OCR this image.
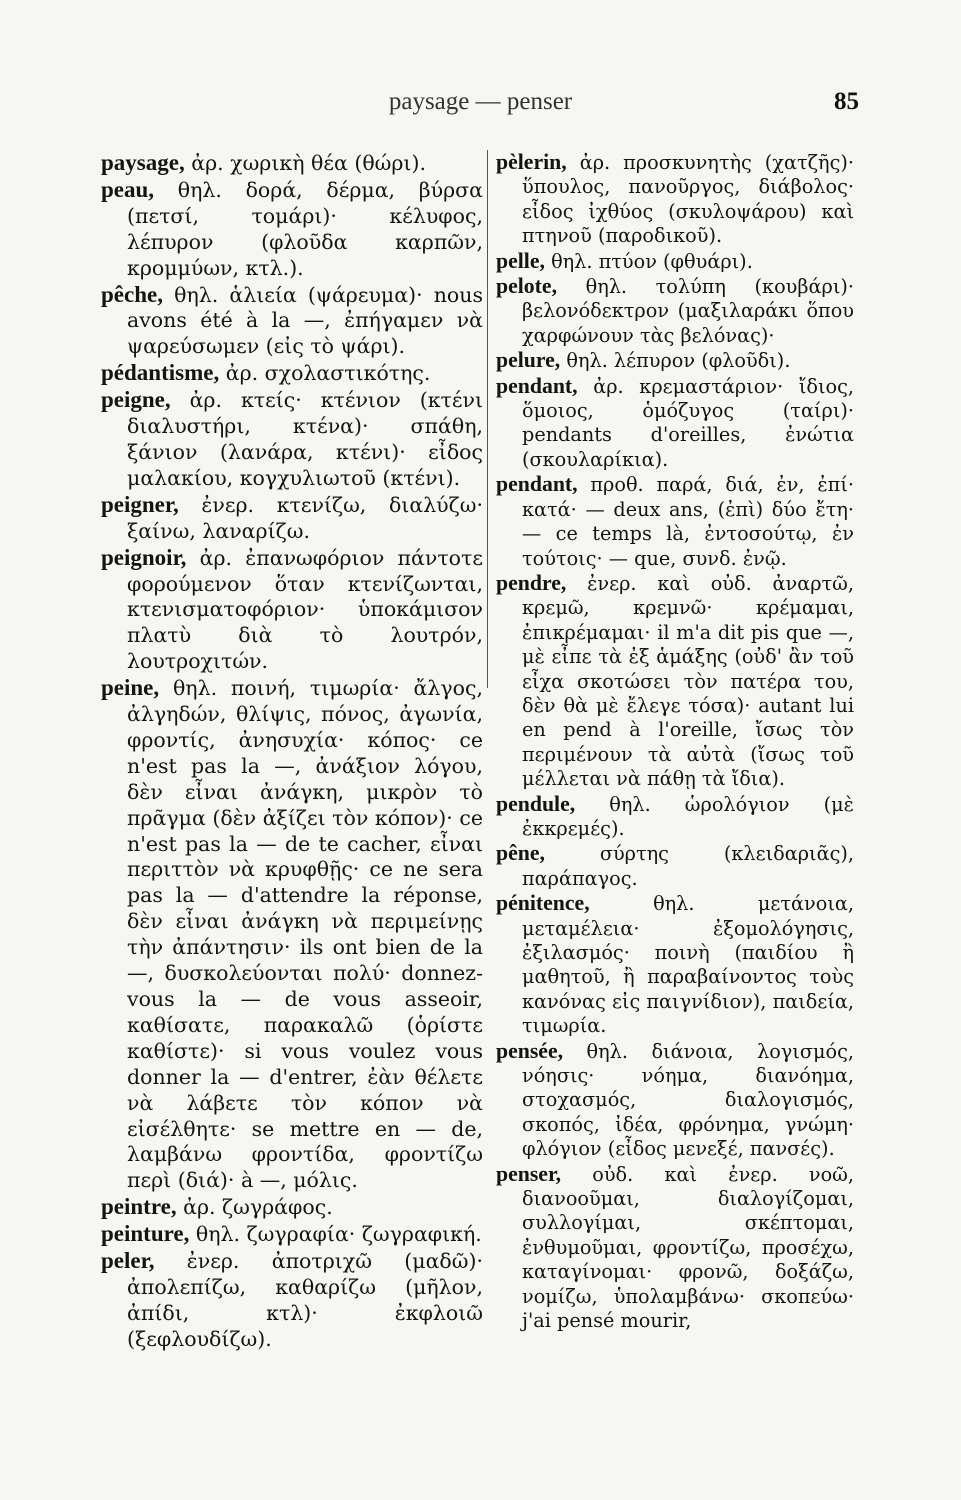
paysage — penser	85

paysage, ἀρ. χωρικὴ θέα (θώρι).

peau, θηλ. δορά, δέρμα, βύρσα (πετσί, τομάρι)· κέλυφος, λέπυρον (φλοῦδα καρπῶν, κρομμύων, κτλ.).

pêche, θηλ. ἁλιεία (ψάρευμα)· nous avons été à la —, ἐπήγαμεν νὰ ψαρεύσωμεν (εἰς τὸ ψάρι).

pédantisme, ἀρ. σχολαστικότης.

peigne, ἀρ. κτείς· κτένιον (κτένι διαλυστήρι, κτένα)· σπάθη, ξάνιον (λανάρα, κτένι)· εἶδος μαλακίου, κογχυλιωτοῦ (κτένι).

peigner, ἐνερ. κτενίζω, διαλύζω· ξαίνω, λαναρίζω.

peignoir, ἀρ. ἐπανωφόριον πάντοτε φορούμενον ὅταν κτενίζωνται, κτενισματοφόριον· ὑποκάμισον πλατὺ διὰ τὸ λουτρόν, λουτροχιτών.

peine, θηλ. ποινή, τιμωρία· ἄλγος, ἀλγηδών, θλίψις, πόνος, ἀγωνία, φροντίς, ἀνησυχία· κόπος· ce n'est pas la —, ἀνάξιον λόγου, δὲν εἶναι ἀνάγκη, μικρὸν τὸ πρᾶγμα (δὲν ἀξίζει τὸν κόπον)· ce n'est pas la — de te cacher, εἶναι περιττὸν νὰ κρυφθῇς· ce ne sera pas la — d'attendre la réponse, δὲν εἶναι ἀνάγκη νὰ περιμείνῃς τὴν ἀπάντησιν· ils ont bien de la —, δυσκολεύονται πολύ· donnez-vous la — de vous asseoir, καθίσατε, παρακαλῶ (ὁρίστε καθίστε)· si vous voulez vous donner la — d'entrer, ἐὰν θέλετε νὰ λάβετε τὸν κόπον νὰ εἰσέλθητε· se mettre en — de, λαμβάνω φροντίδα, φροντίζω περὶ (διά)· à —, μόλις.

peintre, ἀρ. ζωγράφος.

peinture, θηλ. ζωγραφία· ζωγραφική.

peler, ἐνερ. ἀποτριχῶ (μαδῶ)· ἀπολεπίζω, καθαρίζω (μῆλον, ἀπίδι, κτλ)· ἐκφλοιῶ (ξεφλουδίζω).

pèlerin, ἀρ. προσκυνητὴς (χατζῆς)· ὕπουλος, πανοῦργος, διάβολος· εἶδος ἰχθύος (σκυλοψάρου) καὶ πτηνοῦ (παροδικοῦ).

pelle, θηλ. πτύον (φθυάρι).

pelote, θηλ. τολύπη (κουβάρι)· βελονόδεκτρον (μαξιλαράκι ὅπου χαρφώνουν τὰς βελόνας)·

pelure, θηλ. λέπυρον (φλοῦδι).

pendant, ἀρ. κρεμαστάριον· ἴδιος, ὅμοιος, ὁμόζυγος (ταίρι)· pendants d'oreilles, ἐνώτια (σκουλαρίκια).

pendant, προθ. παρά, διά, ἐν, ἐπί· κατά· — deux ans, (ἐπὶ) δύο ἔτη· — ce temps là, ἐντοσούτῳ, ἐν τούτοις· — que, συνδ. ἐνῷ.

pendre, ἐνερ. καὶ οὐδ. ἀναρτῶ, κρεμῶ, κρεμνῶ· κρέμαμαι, ἐπικρέμαμαι· il m'a dit pis que —, μὲ εἶπε τὰ ἐξ ἁμάξης (οὐδ' ἂν τοῦ εἶχα σκοτώσει τὸν πατέρα του, δὲν θὰ μὲ ἔλεγε τόσα)· autant lui en pend à l'oreille, ἴσως τὸν περιμένουν τὰ αὐτὰ (ἴσως τοῦ μέλλεται νὰ πάθῃ τὰ ἴδια).

pendule, θηλ. ὡρολόγιον (μὲ ἐκκρεμές).

pêne,	σύρτης (κλειδαριᾶς), παράπαγος.

pénitence,	θηλ. μετάνοια, μεταμέλεια· ἐξομολόγησις, ἐξιλασμός· ποινὴ (παιδίου ἢ μαθητοῦ, ἢ παραβαίνοντος τοὺς κανόνας εἰς παιγνίδιον), παιδεία, τιμωρία.

pensée, θηλ. διάνοια, λογισμός, νόησις· νόημα, διανόημα, στοχασμός, διαλογισμός, σκοπός, ἰδέα, φρόνημα, γνώμη· φλόγιον (εἶδος μενεξέ, πανσές).

penser, οὐδ. καὶ ἐνερ. νοῶ, διανοοῦμαι, διαλογίζομαι, συλλογίμαι, σκέπτομαι, ἐνθυμοῦμαι, φροντίζω, προσέχω, καταγίνομαι· φρονῶ, δοξάζω, νομίζω, ὑπολαμβάνω· σκοπεύω· j'ai pensé mourir,
